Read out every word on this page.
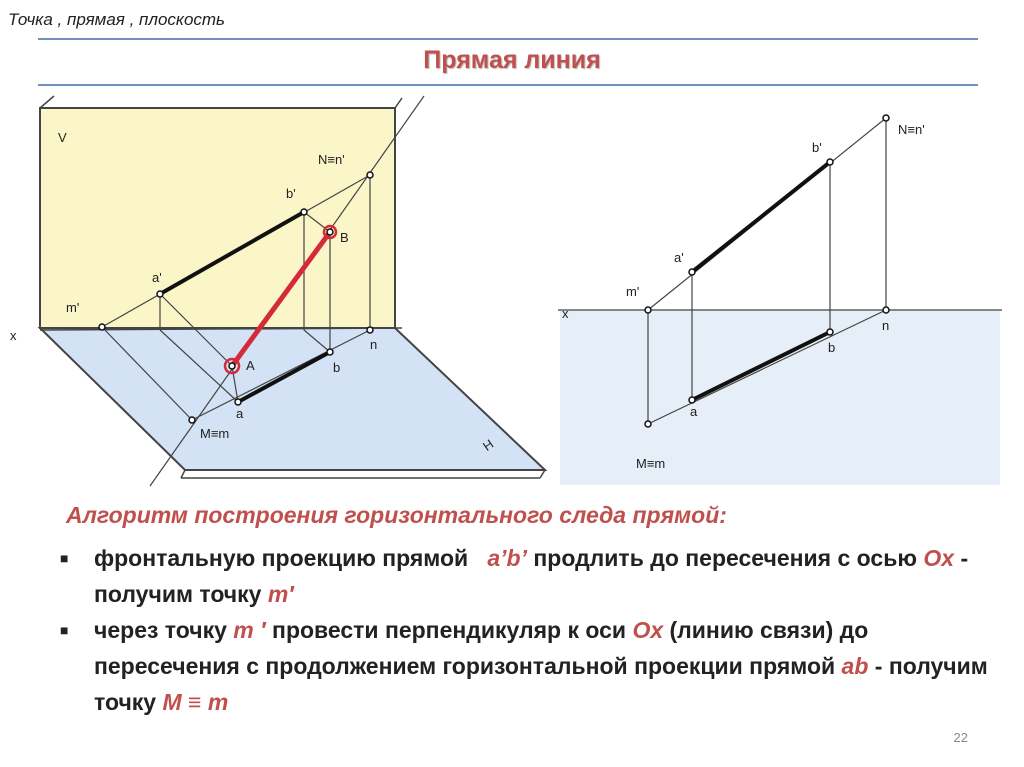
Точка , прямая , плоскость
Прямая линия
V
H
x
N≡n'
b'
B
a'
m'
A	b
n
a
M≡m
x
N≡n'
b'
a'
m'
n
b
a
M≡m
Алгоритм построения горизонтального следа прямой:
■ фронтальную проекцию прямой a’b’ продлить до пересечения с осью Ox - получим точку m′
■ через точку m ′ провести перпендикуляр к оси Ox (линию связи) до пересечения с продолжением горизонтальной проекции прямой ab - получим точку M ≡ m
22
